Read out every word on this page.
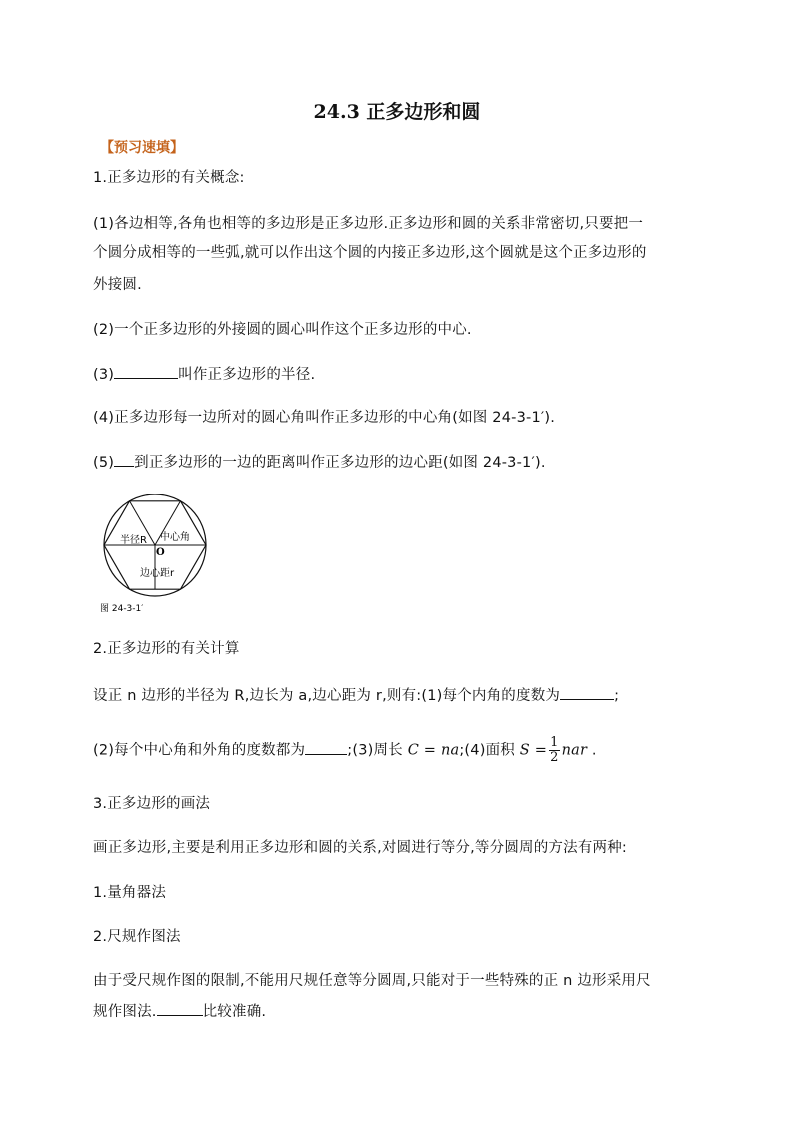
24.3 正多边形和圆
【预习速填】
1.正多边形的有关概念:
(1)各边相等,各角也相等的多边形是正多边形.正多边形和圆的关系非常密切,只要把一
个圆分成相等的一些弧,就可以作出这个圆的内接正多边形,这个圆就是这个正多边形的
外接圆.
(2)一个正多边形的外接圆的圆心叫作这个正多边形的中心.
(3)	叫作正多边形的半径.
(4)正多边形每一边所对的圆心角叫作正多边形的中心角(如图 24-3-1′).
(5) 到正多边形的一边的距离叫作正多边形的边心距(如图 24-3-1′).
半径R 中心角
O
边心距r
图 24-3-1′
2.正多边形的有关计算
设正 n 边形的半径为 R,边长为 a,边心距为 r,则有:(1)每个内角的度数为	;
(2)每个中心角和外角的度数都为	;(3)周长 C = na;(4)面积 $S = \frac{1}{2}$ nar .
3.正多边形的画法
画正多边形,主要是利用正多边形和圆的关系,对圆进行等分,等分圆周的方法有两种:
1.量角器法
2.尺规作图法
由于受尺规作图的限制,不能用尺规任意等分圆周,只能对于一些特殊的正 n 边形采用尺
规作图法.	比较准确.
